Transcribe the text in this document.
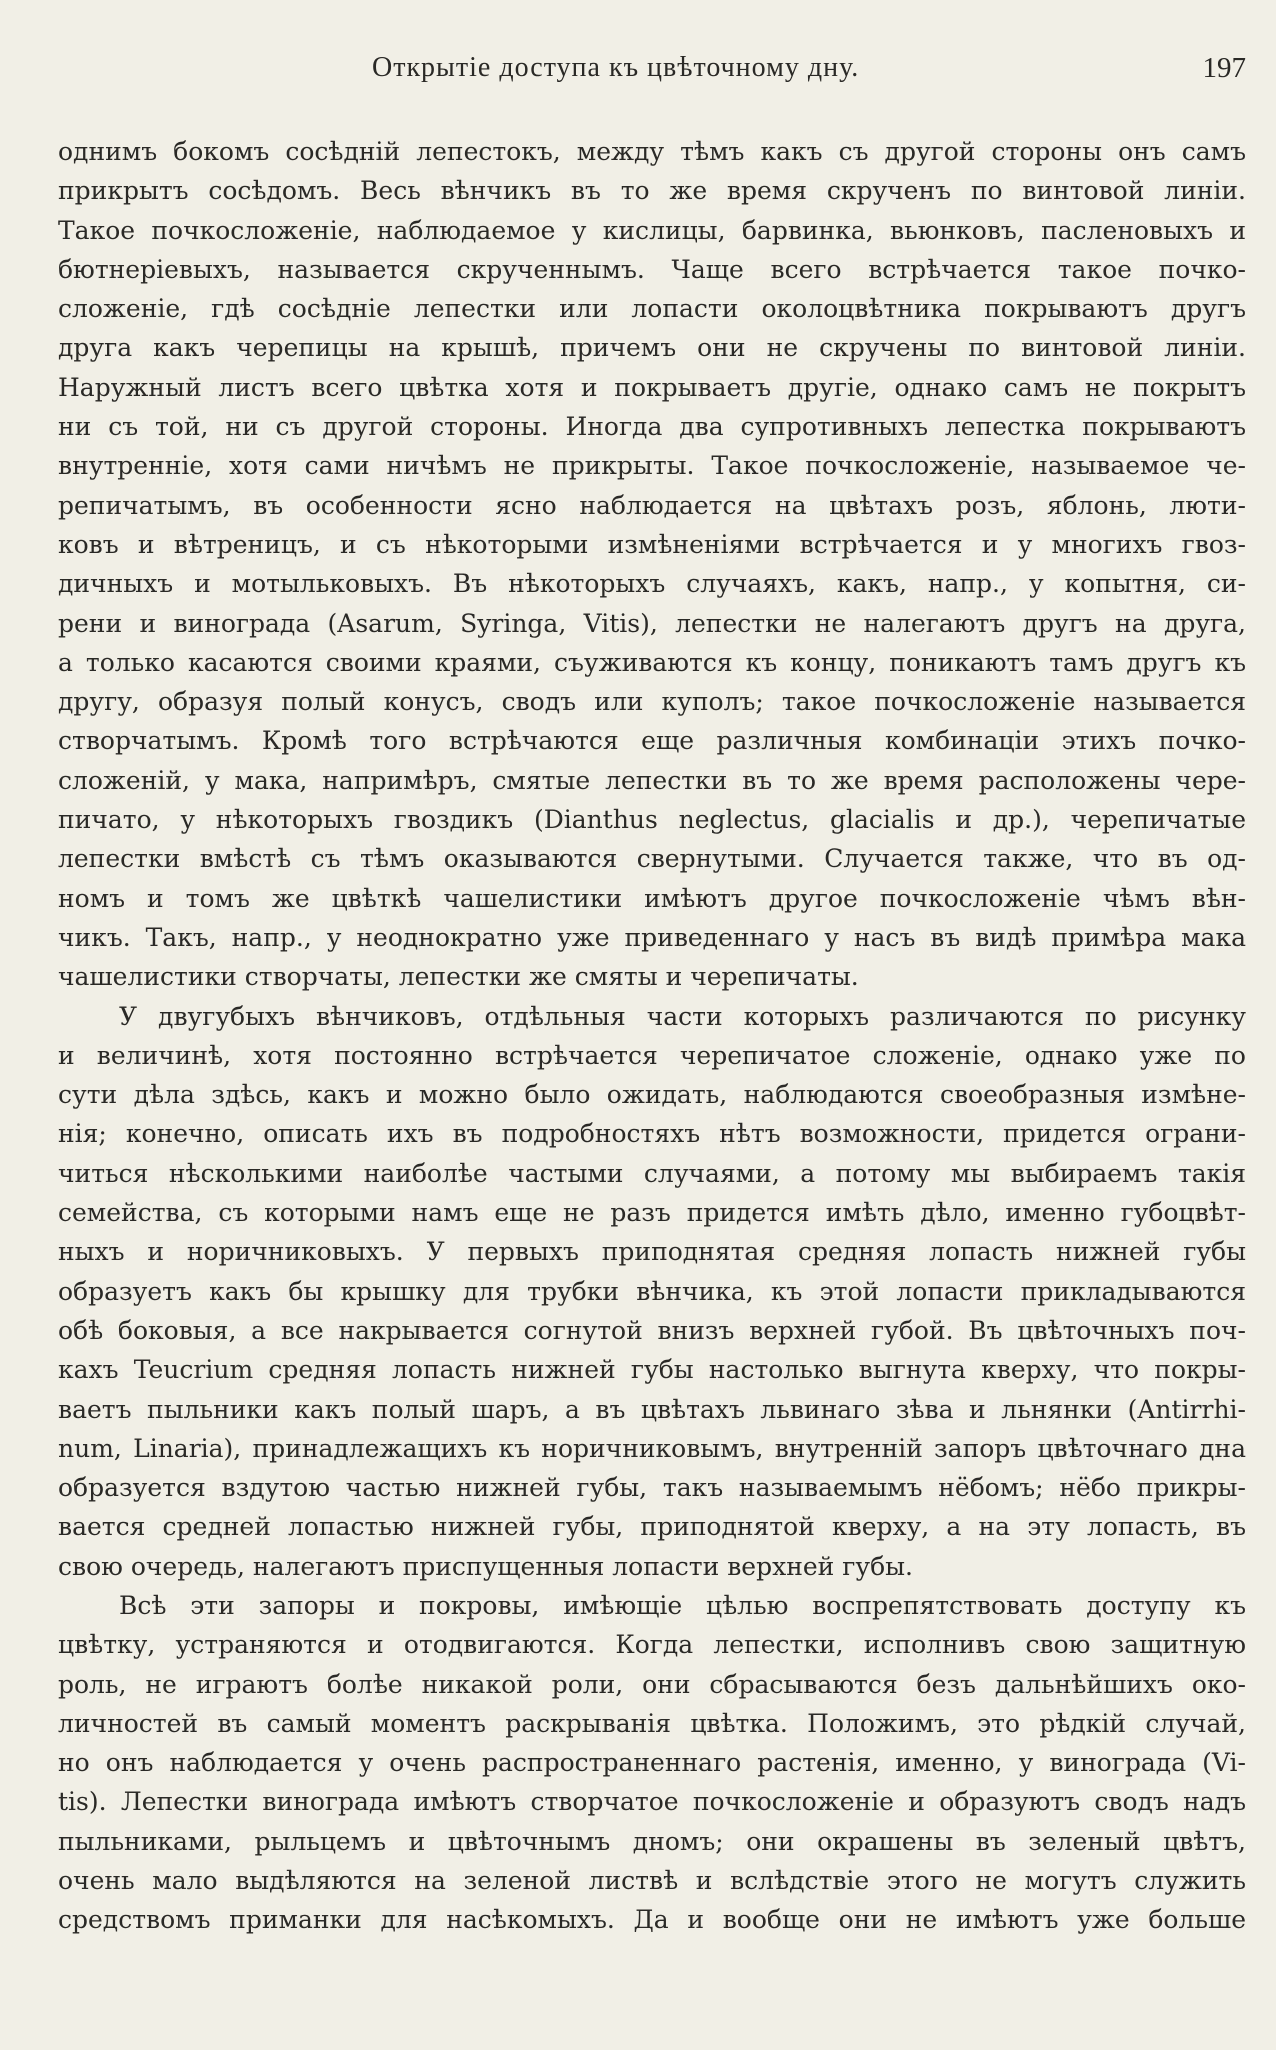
Открытіе доступа къ цвѣточному дну.	197
однимъ бокомъ сосѣдній лепестокъ, между тѣмъ какъ съ другой стороны онъ самъ
прикрытъ сосѣдомъ. Весь вѣнчикъ въ то же время скрученъ по винтовой линіи.
Такое почкосложеніе, наблюдаемое у кислицы, барвинка, вьюнковъ, пасленовыхъ и
бютнеріевыхъ, называется скрученнымъ. Чаще всего встрѣчается такое почко-
сложеніе, гдѣ сосѣдніе лепестки или лопасти околоцвѣтника покрываютъ другъ
друга какъ черепицы на крышѣ, причемъ они не скручены по винтовой линіи.
Наружный листъ всего цвѣтка хотя и покрываетъ другіе, однако самъ не покрытъ
ни съ той, ни съ другой стороны. Иногда два супротивныхъ лепестка покрываютъ
внутренніе, хотя сами ничѣмъ не прикрыты. Такое почкосложеніе, называемое че-
репичатымъ, въ особенности ясно наблюдается на цвѣтахъ розъ, яблонь, люти-
ковъ и вѣтреницъ, и съ нѣкоторыми измѣненіями встрѣчается и у многихъ гвоз-
дичныхъ и мотыльковыхъ. Въ нѣкоторыхъ случаяхъ, какъ, напр., у копытня, си-
рени и винограда (Asarum, Syringa, Vitis), лепестки не налегаютъ другъ на друга,
а только касаются своими краями, съуживаются къ концу, поникаютъ тамъ другъ къ
другу, образуя полый конусъ, сводъ или куполъ; такое почкосложеніе называется
створчатымъ. Кромѣ того встрѣчаются еще различныя комбинаціи этихъ почко-
сложеній, у мака, напримѣръ, смятые лепестки въ то же время расположены чере-
пичато, у нѣкоторыхъ гвоздикъ (Dianthus neglectus, glacialis и др.), черепичатые
лепестки вмѣстѣ съ тѣмъ оказываются свернутыми. Случается также, что въ од-
номъ и томъ же цвѣткѣ чашелистики имѣютъ другое почкосложеніе чѣмъ вѣн-
чикъ. Такъ, напр., у неоднократно уже приведеннаго у насъ въ видѣ примѣра мака
чашелистики створчаты, лепестки же смяты и черепичаты.
У двугубыхъ вѣнчиковъ, отдѣльныя части которыхъ различаются по рисунку
и величинѣ, хотя постоянно встрѣчается черепичатое сложеніе, однако уже по
сути дѣла здѣсь, какъ и можно было ожидать, наблюдаются своеобразныя измѣне-
нія; конечно, описать ихъ въ подробностяхъ нѣтъ возможности, придется ограни-
читься нѣсколькими наиболѣе частыми случаями, а потому мы выбираемъ такія
семейства, съ которыми намъ еще не разъ придется имѣть дѣло, именно губоцвѣт-
ныхъ и норичниковыхъ. У первыхъ приподнятая средняя лопасть нижней губы
образуетъ какъ бы крышку для трубки вѣнчика, къ этой лопасти прикладываются
обѣ боковыя, а все накрывается согнутой внизъ верхней губой. Въ цвѣточныхъ поч-
кахъ Teucrium средняя лопасть нижней губы настолько выгнута кверху, что покры-
ваетъ пыльники какъ полый шаръ, а въ цвѣтахъ львинаго зѣва и льнянки (Antirrhi-
num, Linaria), принадлежащихъ къ норичниковымъ, внутренній запоръ цвѣточнаго дна
образуется вздутою частью нижней губы, такъ называемымъ нёбомъ; нёбо прикры-
вается средней лопастью нижней губы, приподнятой кверху, а на эту лопасть, въ
свою очередь, налегаютъ приспущенныя лопасти верхней губы.
Всѣ эти запоры и покровы, имѣющіе цѣлью воспрепятствовать доступу къ
цвѣтку, устраняются и отодвигаются. Когда лепестки, исполнивъ свою защитную
роль, не играютъ болѣе никакой роли, они сбрасываются безъ дальнѣйшихъ око-
личностей въ самый моментъ раскрыванія цвѣтка. Положимъ, это рѣдкій случай,
но онъ наблюдается у очень распространеннаго растенія, именно, у винограда (Vi-
tis). Лепестки винограда имѣютъ створчатое почкосложеніе и образуютъ сводъ надъ
пыльниками, рыльцемъ и цвѣточнымъ дномъ; они окрашены въ зеленый цвѣтъ,
очень мало выдѣляются на зеленой листвѣ и вслѣдствіе этого не могутъ служить
средствомъ приманки для насѣкомыхъ. Да и вообще они не имѣютъ уже больше
